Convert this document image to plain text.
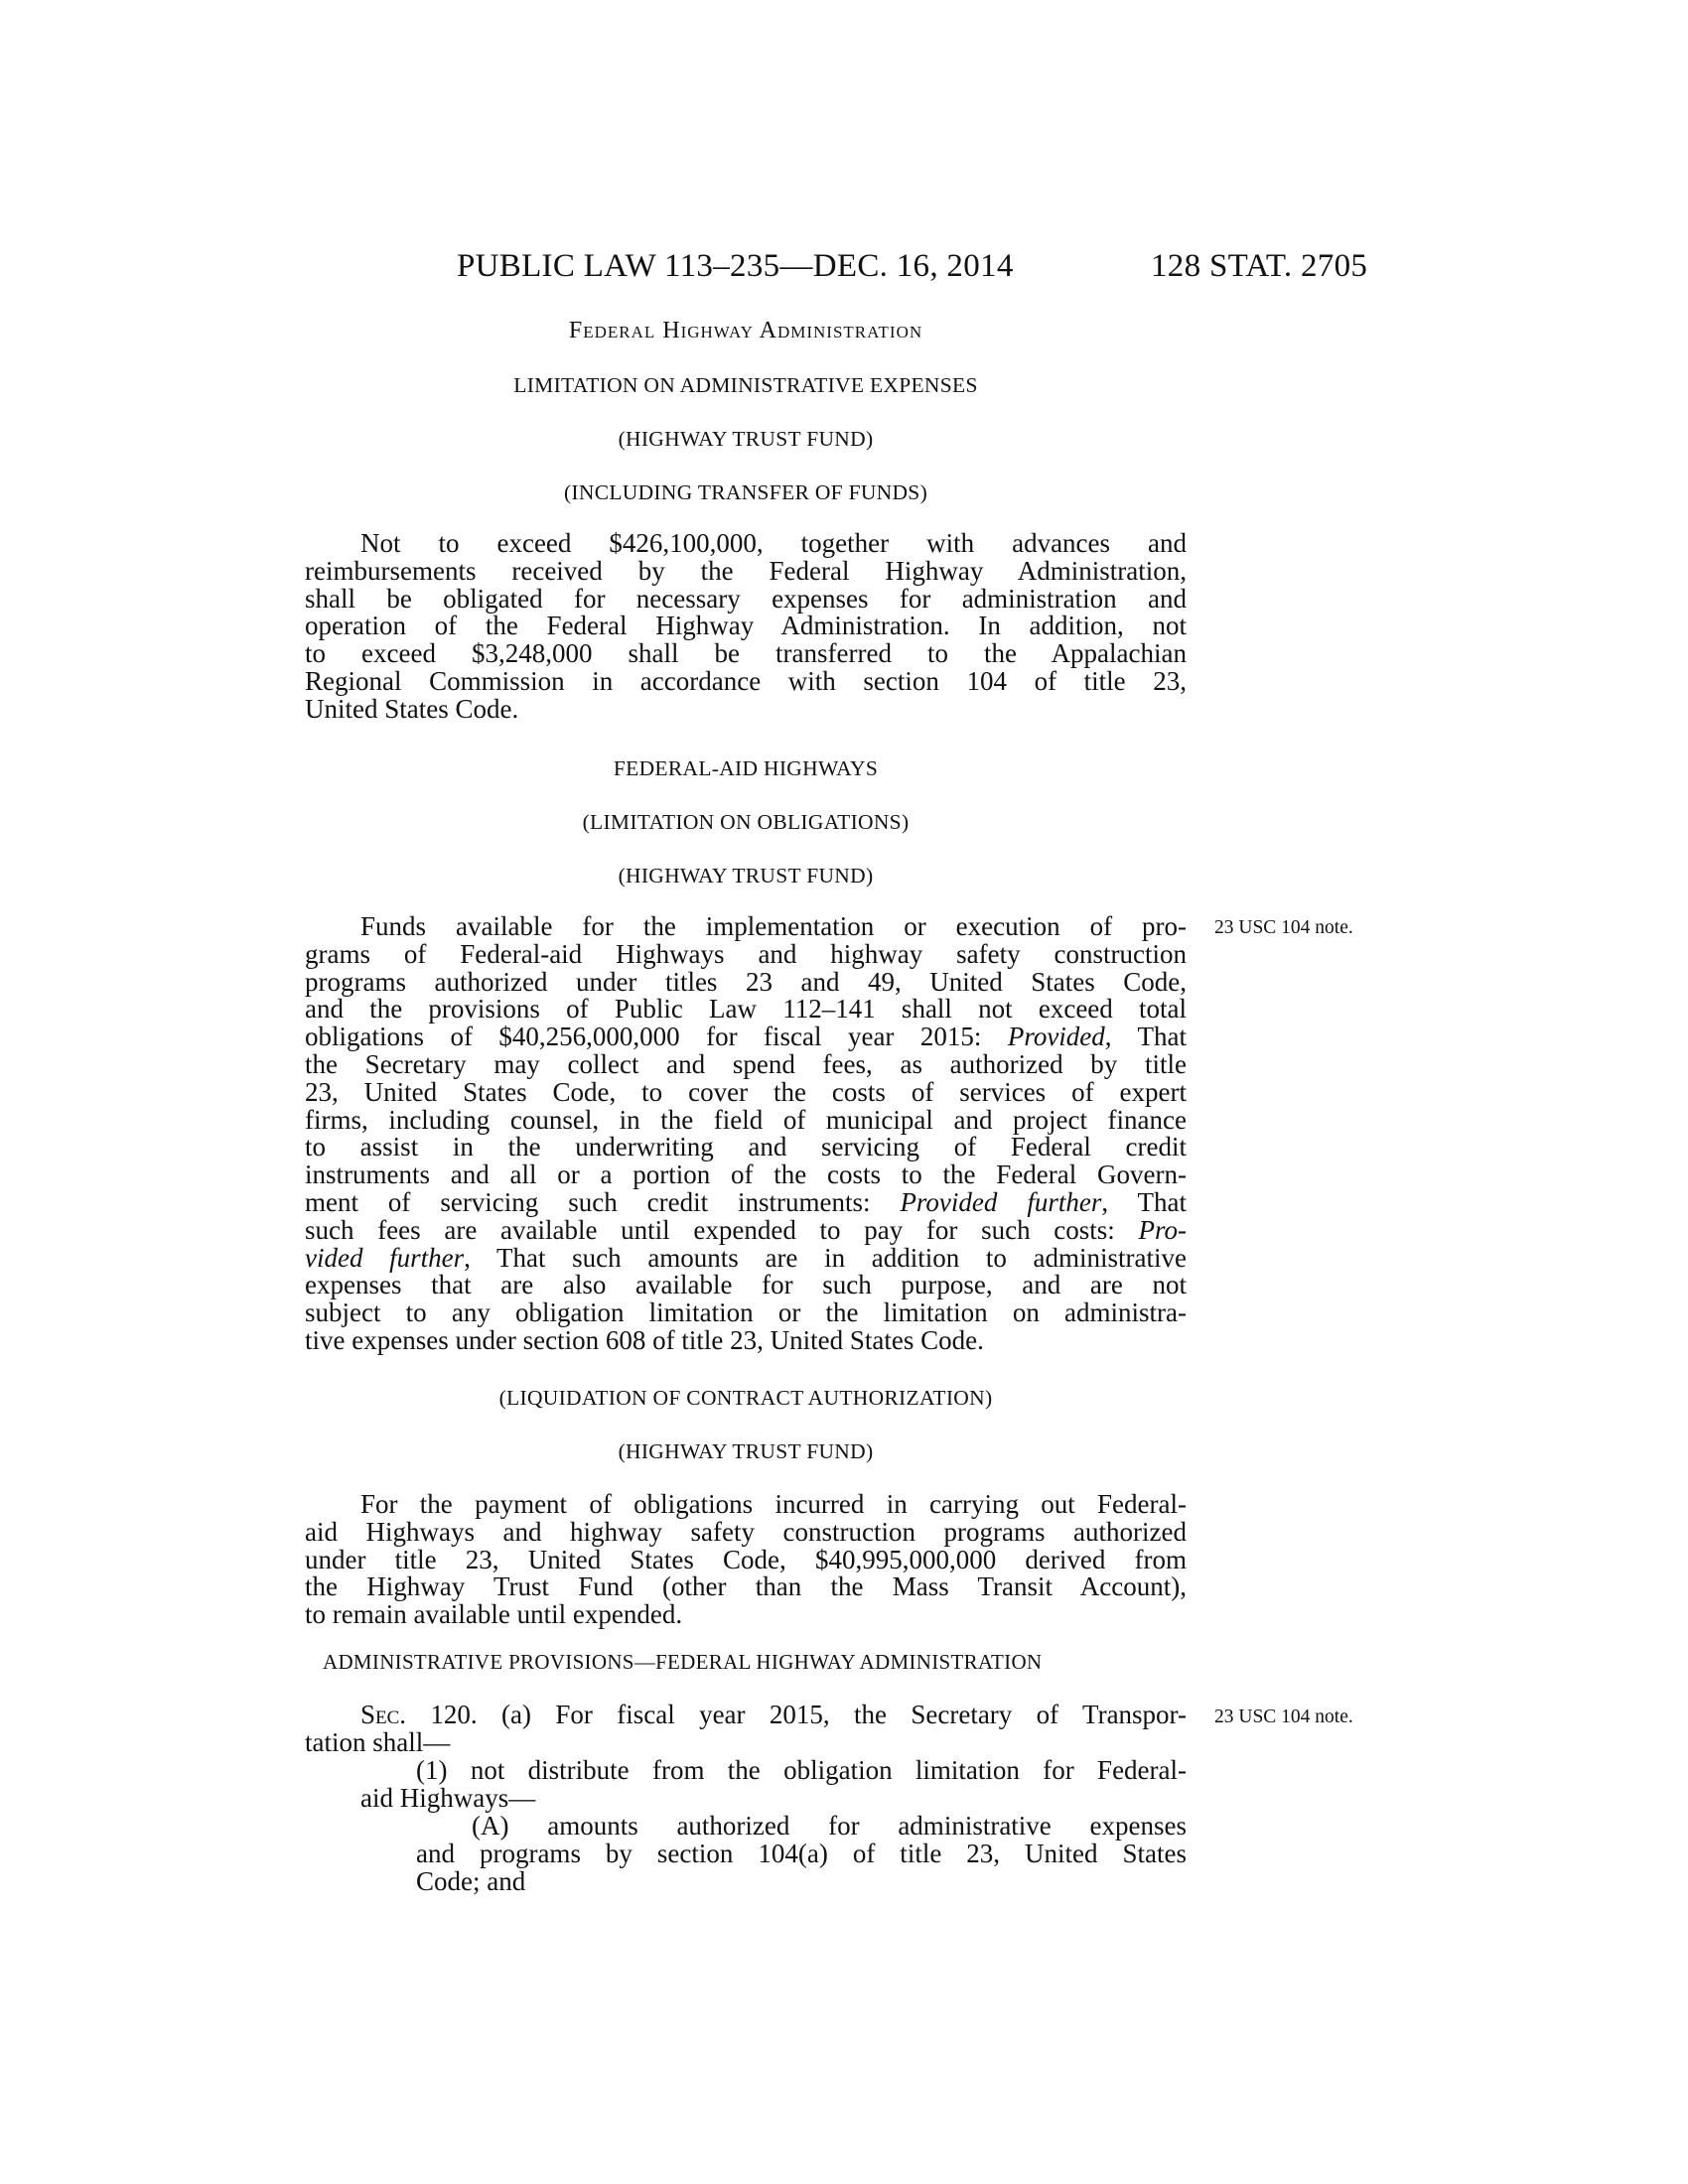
PUBLIC LAW 113–235—DEC. 16, 2014	128 STAT. 2705
Federal Highway Administration
LIMITATION ON ADMINISTRATIVE EXPENSES
(HIGHWAY TRUST FUND)
(INCLUDING TRANSFER OF FUNDS)
Not to exceed $426,100,000, together with advances and
reimbursements received by the Federal Highway Administration,
shall be obligated for necessary expenses for administration and
operation of the Federal Highway Administration. In addition, not
to exceed $3,248,000 shall be transferred to the Appalachian
Regional Commission in accordance with section 104 of title 23,
United States Code.
FEDERAL-AID HIGHWAYS
(LIMITATION ON OBLIGATIONS)
(HIGHWAY TRUST FUND)
23 USC 104 note.
Funds available for the implementation or execution of pro-
grams of Federal-aid Highways and highway safety construction
programs authorized under titles 23 and 49, United States Code,
and the provisions of Public Law 112–141 shall not exceed total
obligations of $40,256,000,000 for fiscal year 2015: Provided, That
the Secretary may collect and spend fees, as authorized by title
23, United States Code, to cover the costs of services of expert
firms, including counsel, in the field of municipal and project finance
to assist in the underwriting and servicing of Federal credit
instruments and all or a portion of the costs to the Federal Govern-
ment of servicing such credit instruments: Provided further, That
such fees are available until expended to pay for such costs: Pro-
vided further, That such amounts are in addition to administrative
expenses that are also available for such purpose, and are not
subject to any obligation limitation or the limitation on administra-
tive expenses under section 608 of title 23, United States Code.
(LIQUIDATION OF CONTRACT AUTHORIZATION)
(HIGHWAY TRUST FUND)
For the payment of obligations incurred in carrying out Federal-
aid Highways and highway safety construction programs authorized
under title 23, United States Code, $40,995,000,000 derived from
the Highway Trust Fund (other than the Mass Transit Account),
to remain available until expended.
ADMINISTRATIVE PROVISIONS—FEDERAL HIGHWAY ADMINISTRATION
23 USC 104 note.
Sec. 120. (a) For fiscal year 2015, the Secretary of Transpor-
tation shall—
(1) not distribute from the obligation limitation for Federal-
aid Highways—
(A) amounts authorized for administrative expenses
and programs by section 104(a) of title 23, United States
Code; and
